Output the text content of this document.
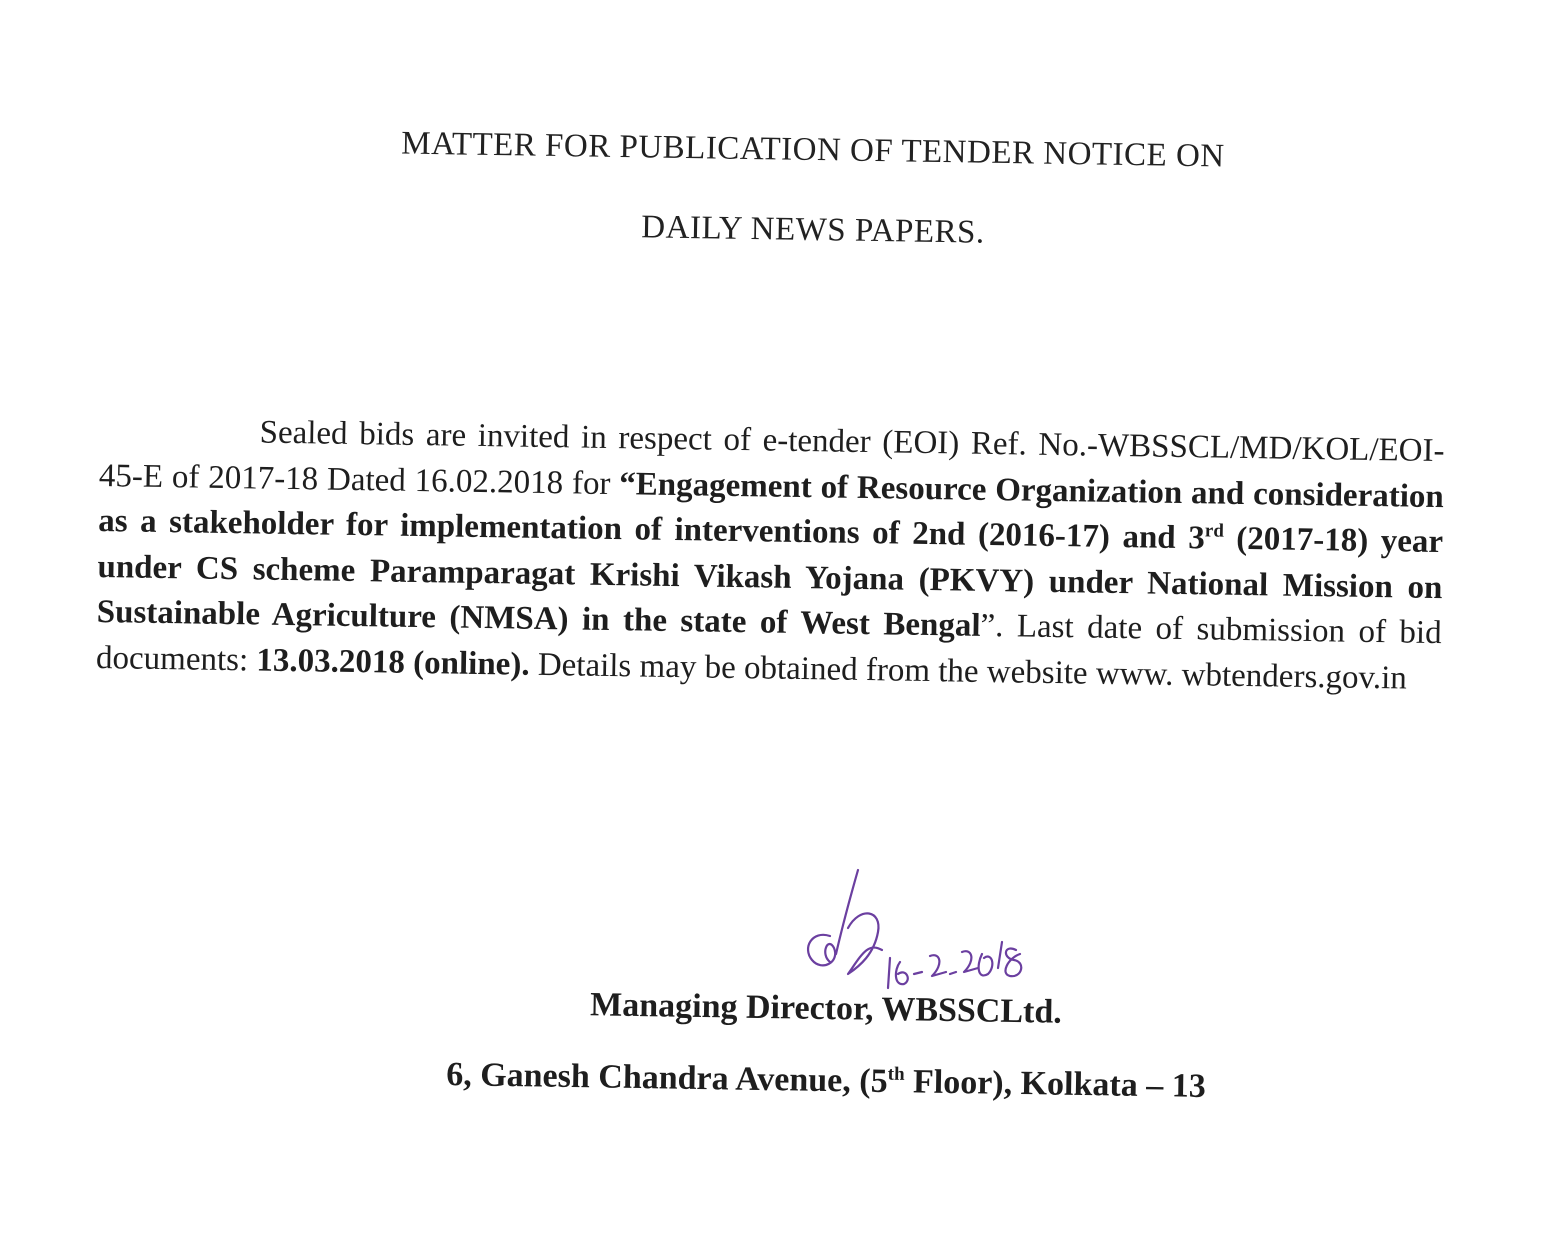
MATTER FOR PUBLICATION OF TENDER NOTICE ON
DAILY NEWS PAPERS.
Sealed bids are invited in respect of e-tender (EOI) Ref. No.-WBSSCL/MD/KOL/EOI- 45-E of 2017-18 Dated 16.02.2018 for “Engagement of Resource Organization and consideration as a stakeholder for implementation of interventions of 2nd (2016-17) and 3rd (2017-18) year under CS scheme Paramparagat Krishi Vikash Yojana (PKVY) under National Mission on Sustainable Agriculture (NMSA) in the state of West Bengal”. Last date of submission of bid documents: 13.03.2018 (online). Details may be obtained from the website www. wbtenders.gov.in
Managing Director, WBSSCLtd.
6, Ganesh Chandra Avenue, (5th Floor), Kolkata – 13
